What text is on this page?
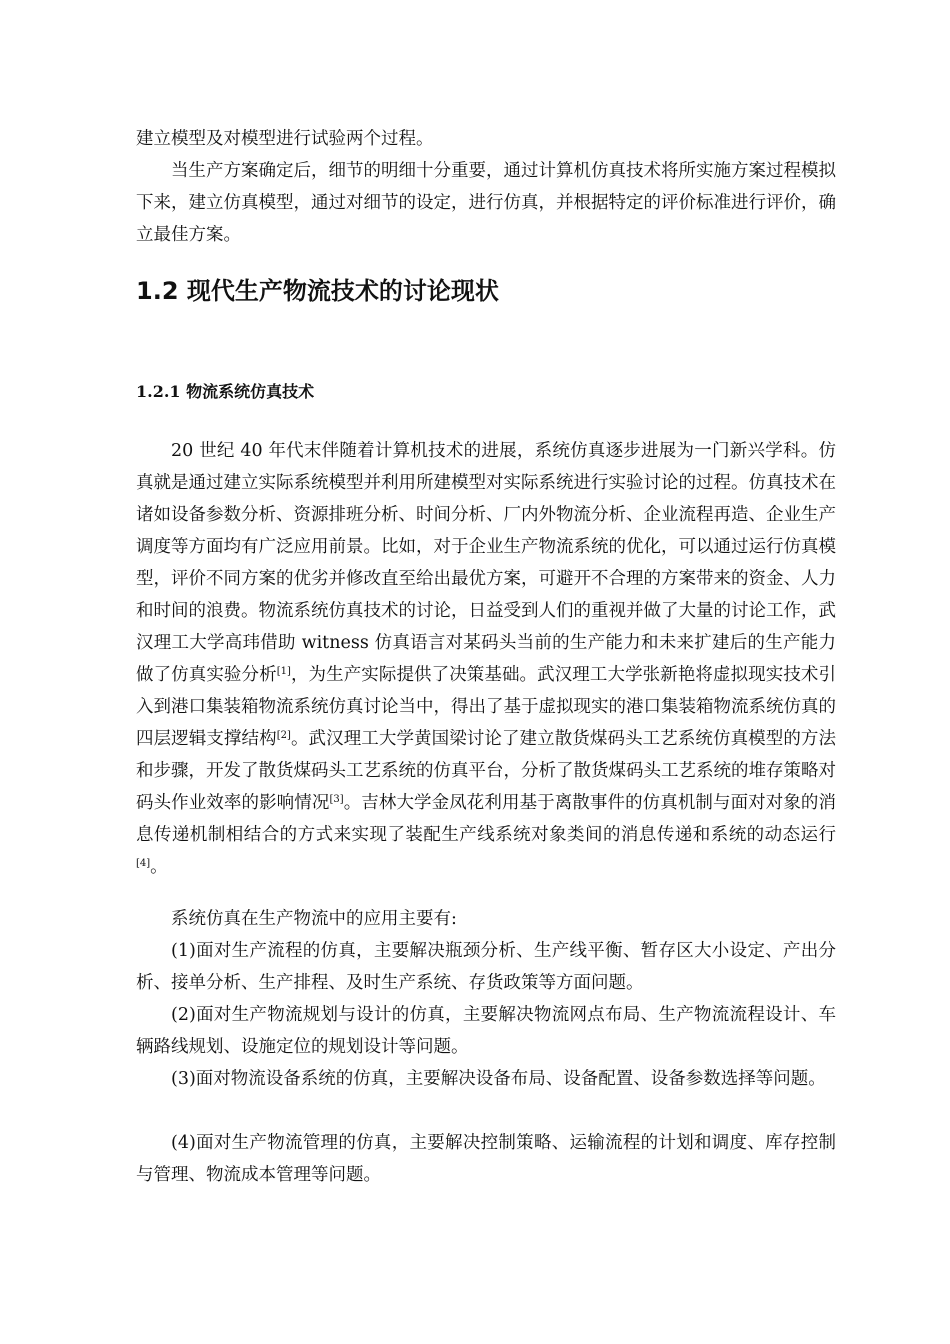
建立模型及对模型进行试验两个过程。

当生产方案确定后，细节的明细十分重要，通过计算机仿真技术将所实施方案过程模拟下来，建立仿真模型，通过对细节的设定，进行仿真，并根据特定的评价标准进行评价，确立最佳方案。

1.2 现代生产物流技术的讨论现状
1.2.1 物流系统仿真技术

20 世纪 40 年代末伴随着计算机技术的进展，系统仿真逐步进展为一门新兴学科。仿真就是通过建立实际系统模型并利用所建模型对实际系统进行实验讨论的过程。仿真技术在诸如设备参数分析、资源排班分析、时间分析、厂内外物流分析、企业流程再造、企业生产调度等方面均有广泛应用前景。比如，对于企业生产物流系统的优化，可以通过运行仿真模型，评价不同方案的优劣并修改直至给出最优方案，可避开不合理的方案带来的资金、人力和时间的浪费。物流系统仿真技术的讨论，日益受到人们的重视并做了大量的讨论工作，武汉理工大学高玮借助 witness 仿真语言对某码头当前的生产能力和未来扩建后的生产能力做了仿真实验分析[1]，为生产实际提供了决策基础。武汉理工大学张新艳将虚拟现实技术引入到港口集装箱物流系统仿真讨论当中，得出了基于虚拟现实的港口集装箱物流系统仿真的四层逻辑支撑结构[2]。武汉理工大学黄国梁讨论了建立散货煤码头工艺系统仿真模型的方法和步骤，开发了散货煤码头工艺系统的仿真平台，分析了散货煤码头工艺系统的堆存策略对码头作业效率的影响情况[3]。吉林大学金凤花利用基于离散事件的仿真机制与面对对象的消息传递机制相结合的方式来实现了装配生产线系统对象类间的消息传递和系统的动态运行[4]。

系统仿真在生产物流中的应用主要有:

(1)面对生产流程的仿真，主要解决瓶颈分析、生产线平衡、暂存区大小设定、产出分析、接单分析、生产排程、及时生产系统、存货政策等方面问题。

(2)面对生产物流规划与设计的仿真，主要解决物流网点布局、生产物流流程设计、车辆路线规划、设施定位的规划设计等问题。

(3)面对物流设备系统的仿真，主要解决设备布局、设备配置、设备参数选择等问题。

(4)面对生产物流管理的仿真，主要解决控制策略、运输流程的计划和调度、库存控制与管理、物流成本管理等问题。
